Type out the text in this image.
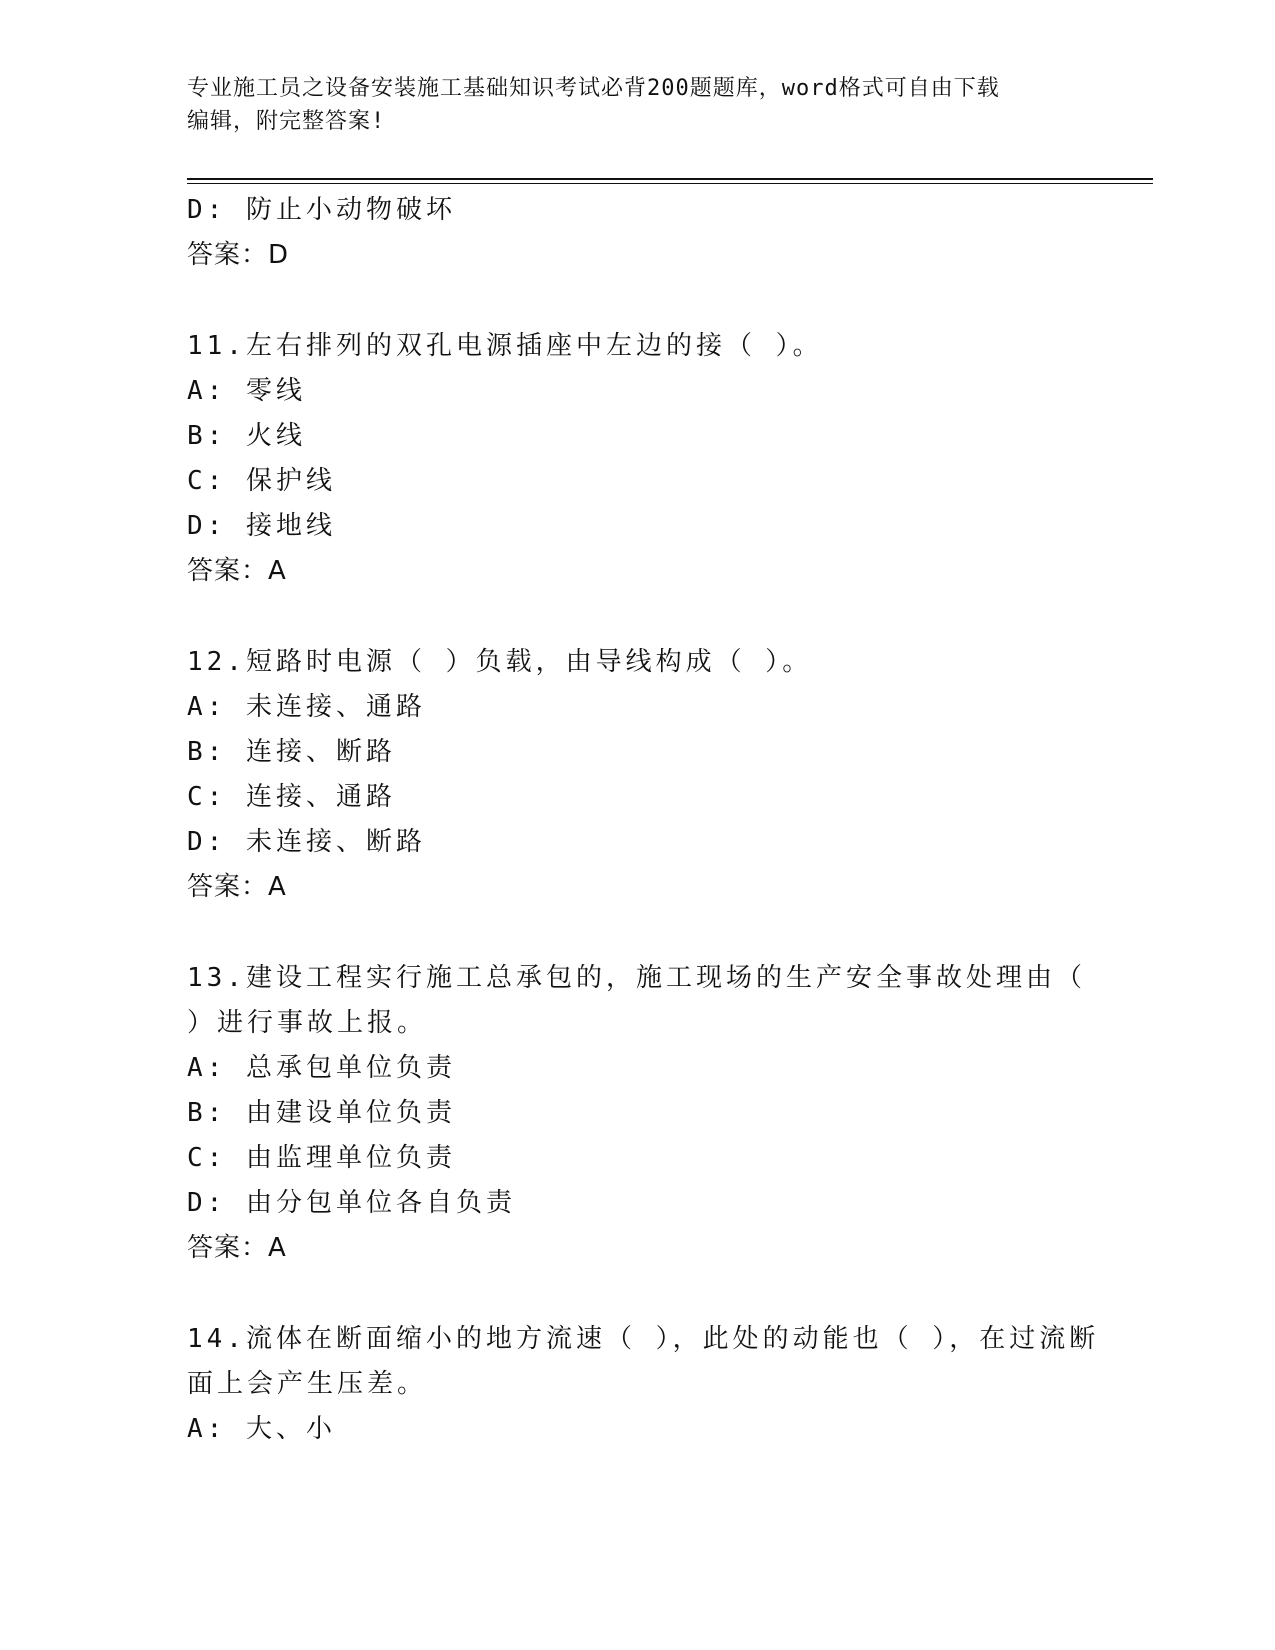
专业施工员之设备安装施工基础知识考试必背200题题库，word格式可自由下载
编辑，附完整答案!
D: 防止小动物破坏
答案：D
11.左右排列的双孔电源插座中左边的接（ ）。
A: 零线
B: 火线
C: 保护线
D: 接地线
答案：A
12.短路时电源（ ）负载，由导线构成（ ）。
A: 未连接、通路
B: 连接、断路
C: 连接、通路
D: 未连接、断路
答案：A
13.建设工程实行施工总承包的，施工现场的生产安全事故处理由（
）进行事故上报。
A: 总承包单位负责
B: 由建设单位负责
C: 由监理单位负责
D: 由分包单位各自负责
答案：A
14.流体在断面缩小的地方流速（ ），此处的动能也（ ），在过流断
面上会产生压差。
A: 大、小
